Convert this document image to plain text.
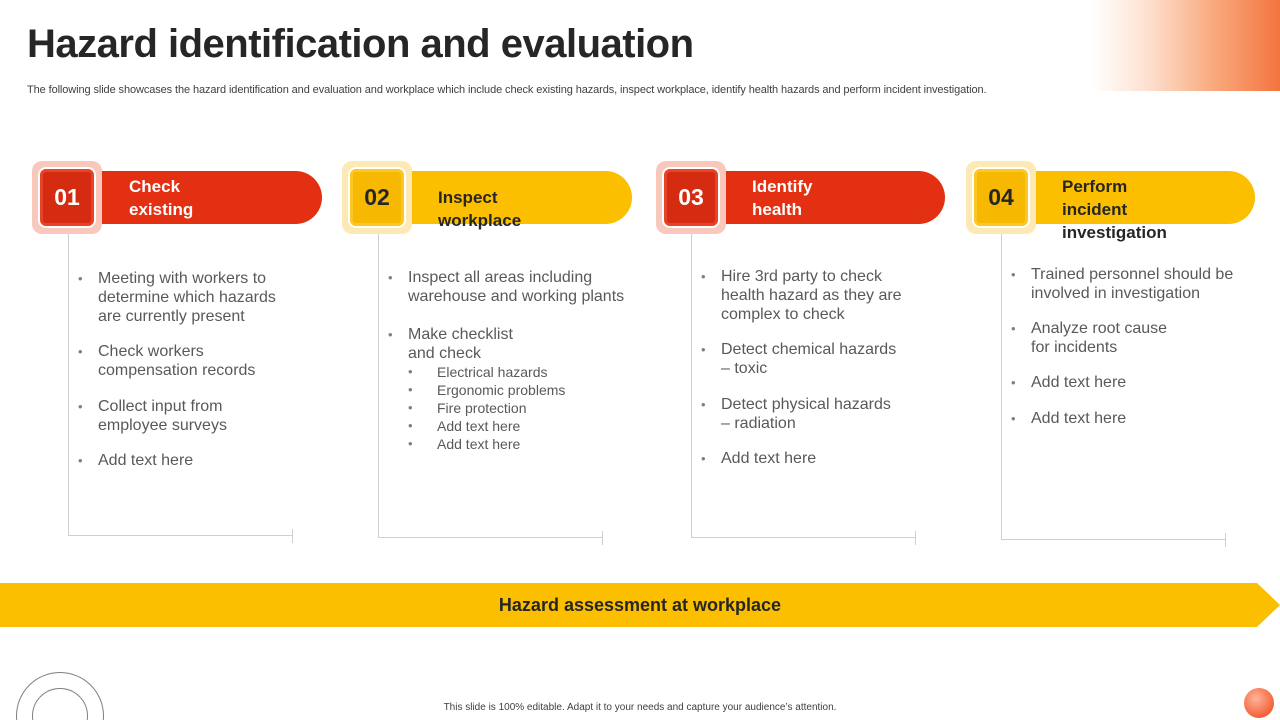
Hazard identification and evaluation

The following slide showcases the hazard identification and evaluation and workplace which include check existing hazards, inspect workplace, identify health hazards and perform incident investigation.

Check
existing hazards
01
• Meeting with workers to
determine which hazards
are currently present
• Check workers
compensation records
• Collect input from
employee surveys
• Add text here
Inspect workplace
02
• Inspect all areas including
warehouse and working plants
• Make checklist
and check
• Electrical hazards
• Ergonomic problems
• Fire protection
• Add text here
• Add text here
Identify
health hazards
03
• Hire 3rd party to check
health hazard as they are
complex to check
• Detect chemical hazards
– toxic
• Detect physical hazards
– radiation
• Add text here
Perform incident
investigation
04
• Trained personnel should be
involved in investigation
• Analyze root cause
for incidents
• Add text here
• Add text here
Hazard assessment at workplace
This slide is 100% editable. Adapt it to your needs and capture your audience’s attention.
